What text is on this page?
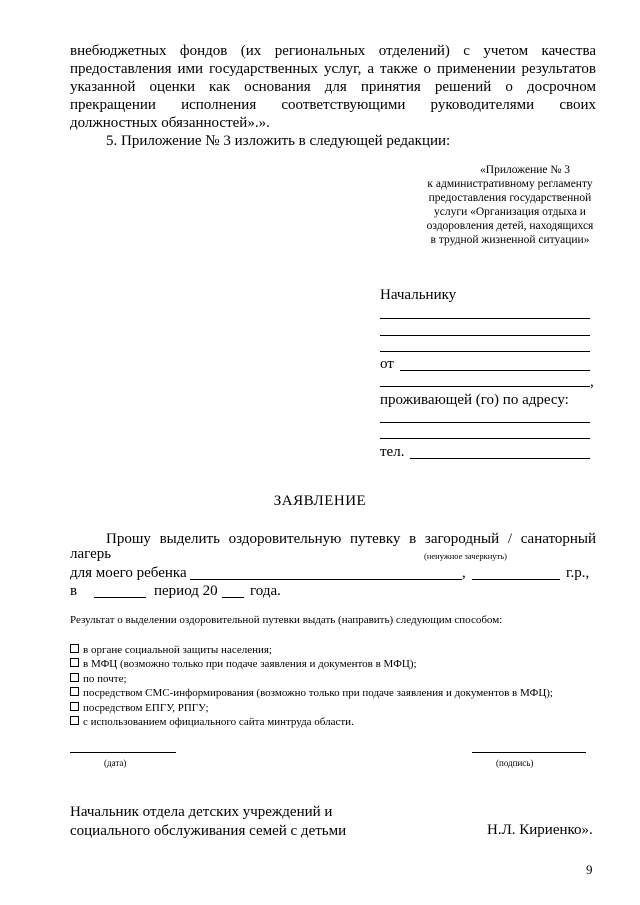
внебюджетных фондов (их региональных отделений) с учетом качества
предоставления ими государственных услуг, а также о применении результатов
указанной оценки как основания для принятия решений о досрочном
прекращении исполнения соответствующими руководителями своих
должностных обязанностей».».
5. Приложение № 3 изложить в следующей редакции:
«Приложение № 3
к административному регламенту
предоставления государственной
услуги «Организация отдыха и
оздоровления детей, находящихся
в трудной жизненной ситуации»
Начальнику
от
,
проживающей (го) по адресу:
тел.
ЗАЯВЛЕНИЕ
Прошу выделить оздоровительную путевку в загородный / санаторный
лагерь	(ненужное зачеркнуть)
для моего ребенка	,	г.р.,
в	период 20 года.
Результат о выделении оздоровительной путевки выдать (направить) следующим способом:
в органе социальной защиты населения;
в МФЦ (возможно только при подаче заявления и документов в МФЦ);
по почте;
посредством СМС-информирования (возможно только при подаче заявления и документов в МФЦ);
посредством ЕПГУ, РПГУ;
с использованием официального сайта минтруда области.
(дата)	(подпись)
Начальник отдела детских учреждений и
социального обслуживания семей с детьми	Н.Л. Кириенко».
9
